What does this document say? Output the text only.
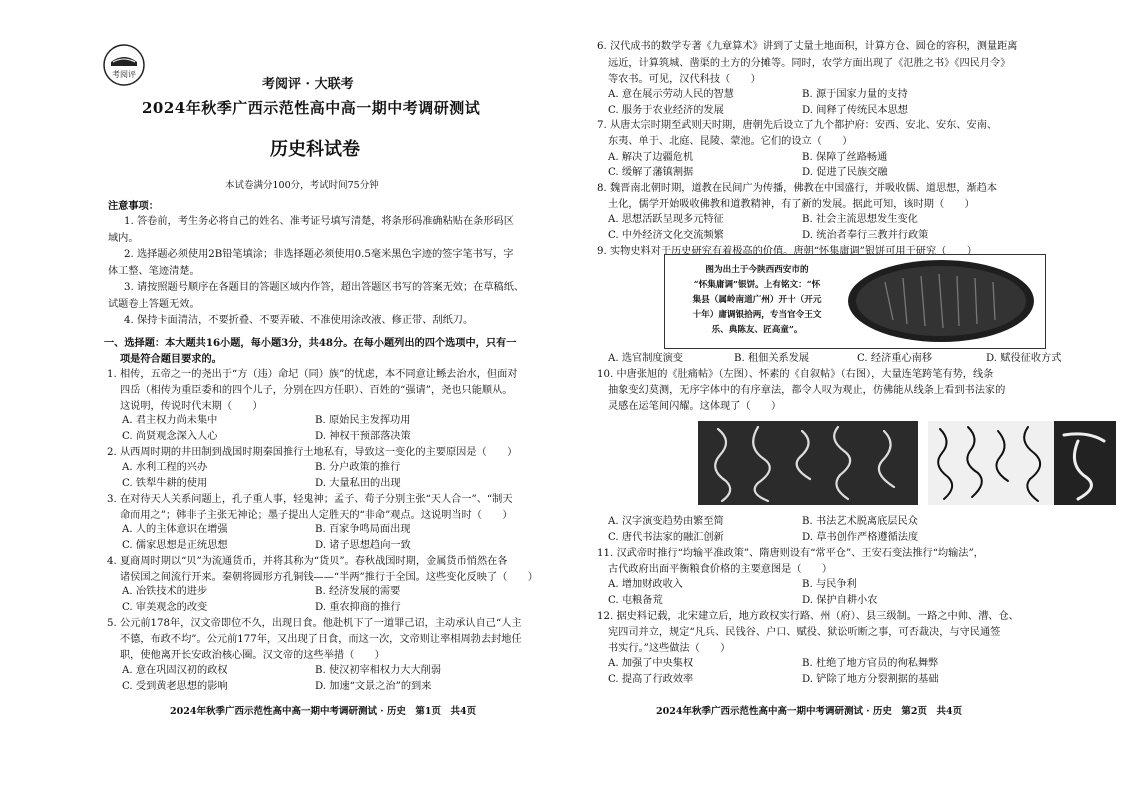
考阅评
考阅评 · 大联考
2024年秋季广西示范性高中高一期中考调研测试
历史科试卷
本试卷满分100分，考试时间75分钟
注意事项：
1. 答卷前，考生务必将自己的姓名、准考证号填写清楚，将条形码准确粘贴在条形码区
域内。
2. 选择题必须使用2B铅笔填涂；非选择题必须使用0.5毫米黑色字迹的签字笔书写，字
体工整、笔迹清楚。
3. 请按照题号顺序在各题目的答题区域内作答，超出答题区书写的答案无效；在草稿纸、
试题卷上答题无效。
4. 保持卡面清洁，不要折叠、不要弄破、不准使用涂改液、修正带、刮纸刀。
一、选择题：本大题共16小题，每小题3分，共48分。在每小题列出的四个选项中，只有一
项是符合题目要求的。
1. 相传，五帝之一的尧出于“方（违）命圮（同）族”的忧虑，本不同意让鲧去治水，但面对
四岳（相传为重臣委和的四个儿子，分别在四方任职）、百姓的“强请”，尧也只能顺从。
这说明，传说时代末期（　　）
A. 君主权力尚未集中	B. 原始民主发挥功用
C. 尚贤观念深入人心	D. 神权干预部落决策
2. 从西周时期的井田制到战国时期秦国推行土地私有，导致这一变化的主要原因是（　　）
A. 水利工程的兴办	B. 分户政策的推行
C. 铁犁牛耕的使用	D. 大量私田的出现
3. 在对待天人关系问题上，孔子重人事，轻鬼神；孟子、荀子分别主张“天人合一”、“制天
命而用之”；韩非子主张无神论；墨子提出人定胜天的“非命”观点。这说明当时（　　）
A. 人的主体意识在增强	B. 百家争鸣局面出现
C. 儒家思想是正统思想	D. 诸子思想趋向一致
4. 夏商周时期以“贝”为流通货币，并将其称为“货贝”。春秋战国时期，金属货币悄然在各
诸侯国之间流行开来。秦朝将圆形方孔铜钱——“半两”推行于全国。这些变化反映了（　　）
A. 冶铁技术的进步	B. 经济发展的需要
C. 审美观念的改变	D. 重农抑商的推行
5. 公元前178年，汉文帝即位不久，出现日食。他赴机下了一道罪己诏，主动承认自己“人主
不德，布政不均”。公元前177年，又出现了日食，而这一次，文帝则让率相周勃去封地任
职，使他离开长安政治核心圈。汉文帝的这些举措（　　）
A. 意在巩固汉初的政权	B. 使汉初宰相权力大大削弱
C. 受到黄老思想的影响	D. 加速“文景之治”的到来
2024年秋季广西示范性高中高一期中考调研测试 · 历史　第1页　共4页
6. 汉代成书的数学专著《九章算术》讲到了丈量土地面积，计算方仓、圆仓的容积，测量距离
远近，计算筑城、凿渠的土方的分摊等。同时，农学方面出现了《氾胜之书》《四民月令》
等农书。可见，汉代科技（　　）
A. 意在展示劳动人民的智慧	B. 源于国家力量的支持
C. 服务于农业经济的发展	D. 间释了传统民本思想
7. 从唐太宗时期至武则天时期，唐朝先后设立了九个都护府：安西、安北、安东、安南、
东夷、单于、北庭、昆陵、蒙池。它们的设立（　　）
A. 解决了边疆危机	B. 保障了丝路畅通
C. 缓解了藩镇割据	D. 促进了民族交融
8. 魏晋南北朝时期，道教在民间广为传播，佛教在中国盛行，并吸收儒、道思想，渐趋本
土化，儒学开始吸收佛教和道教精神，有了新的发展。据此可知，该时期（　　）
A. 思想活跃呈现多元特征	B. 社会主流思想发生变化
C. 中外经济文化交流频繁	D. 统治者奉行三教并行政策
9. 实物史料对于历史研究有着极高的价值。唐朝“怀集庸调”银饼可用于研究（　　）
图为出土于今陕西西安市的
“怀集庸调”银饼。上有铭文：“怀
集县（属岭南道广州）开十（开元
十年）庸调银拾两，专当官令王文
乐、典陈友、匠高童”。
A. 选官制度演变	B. 租佃关系发展	C. 经济重心南移	D. 赋役征收方式
10. 中唐张旭的《肚痛帖》（左图）、怀素的《自叙帖》（右图），大量连笔跨笔有势，线条
抽象变幻莫测，无序字体中的有序章法，都令人叹为观止，仿佛能从线条上看到书法家的
灵感在运笔间闪耀。这体现了（　　）
A. 汉字演变趋势由繁至简	B. 书法艺术脱离底层民众
C. 唐代书法家的融汇创新	D. 草书创作严格遵循法度
11. 汉武帝时推行“均输平准政策”、隋唐则设有“常平仓”、王安石变法推行“均输法”，
古代政府出面平衡粮食价格的主要意图是（　　）
A. 增加财政收入	B. 与民争利
C. 屯粮备荒	D. 保护自耕小农
12. 据史料记载，北宋建立后，地方政权实行路、州（府）、县三级制。一路之中帅、漕、仓、
宪四司并立，规定“凡兵、民钱谷、户口、赋役、狱讼听断之事，可否裁决，与守民通签
书实行。”这些做法（　　）
A. 加强了中央集权	B. 杜绝了地方官员的徇私舞弊
C. 提高了行政效率	D. 铲除了地方分裂割据的基础
2024年秋季广西示范性高中高一期中考调研测试 · 历史　第2页　共4页
